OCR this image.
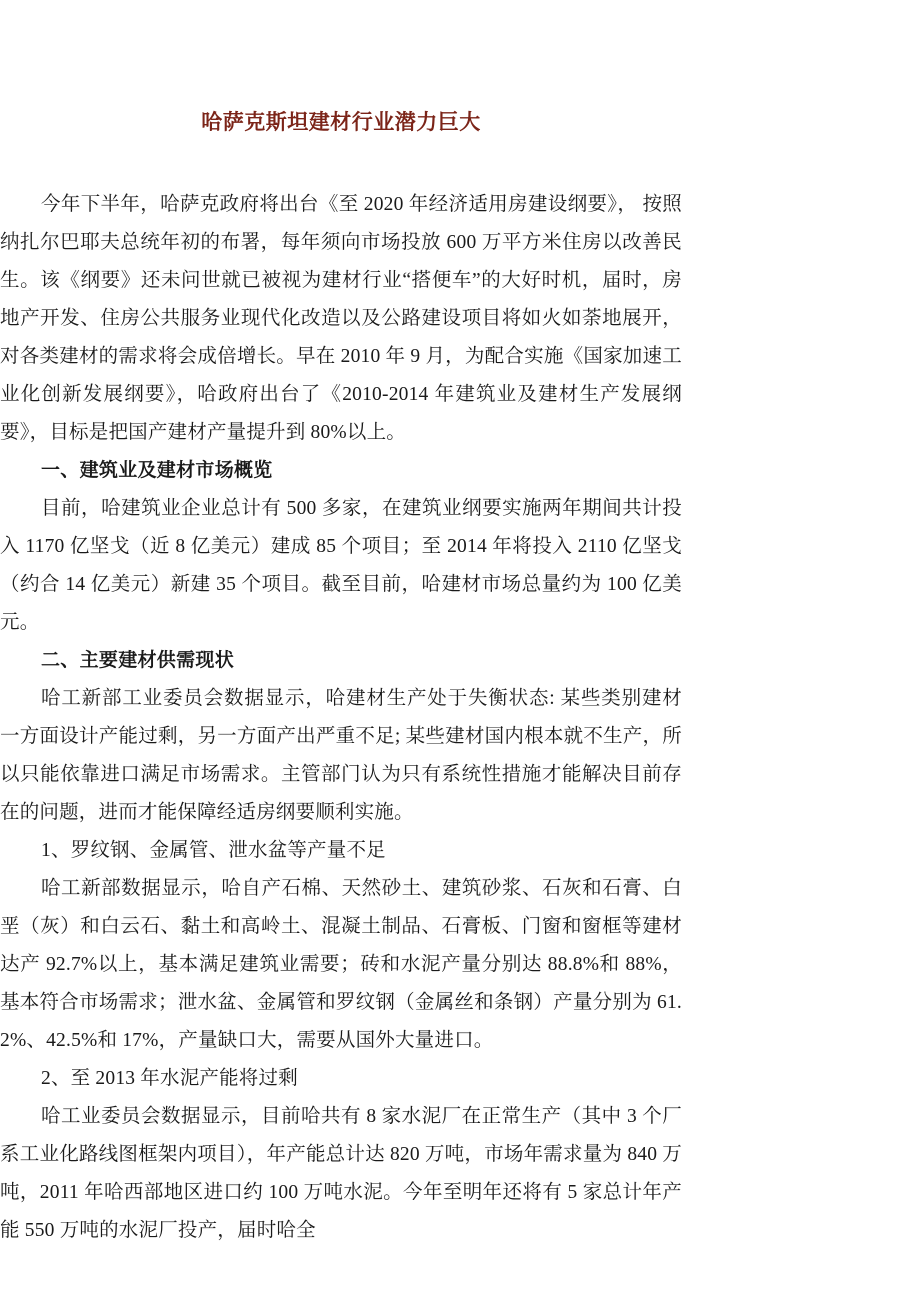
哈萨克斯坦建材行业潜力巨大

今年下半年，哈萨克政府将出台《至 2020 年经济适用房建设纲要》， 按照纳扎尔巴耶夫总统年初的布署，每年须向市场投放 600 万平方米住房以改善民生。该《纲要》还未问世就已被视为建材行业“搭便车”的大好时机，届时，房地产开发、住房公共服务业现代化改造以及公路建设项目将如火如荼地展开，对各类建材的需求将会成倍增长。早在 2010 年 9 月，为配合实施《国家加速工业化创新发展纲要》，哈政府出台了《2010-2014 年建筑业及建材生产发展纲要》，目标是把国产建材产量提升到 80%以上。

一、建筑业及建材市场概览

目前，哈建筑业企业总计有 500 多家，在建筑业纲要实施两年期间共计投入 1170 亿坚戈（近 8 亿美元）建成 85 个项目；至 2014 年将投入 2110 亿坚戈（约合 14 亿美元）新建 35 个项目。截至目前，哈建材市场总量约为 100 亿美元。

二、主要建材供需现状

哈工新部工业委员会数据显示，哈建材生产处于失衡状态: 某些类别建材一方面设计产能过剩，另一方面产出严重不足; 某些建材国内根本就不生产，所以只能依靠进口满足市场需求。主管部门认为只有系统性措施才能解决目前存在的问题，进而才能保障经适房纲要顺利实施。

1、罗纹钢、金属管、泄水盆等产量不足

哈工新部数据显示，哈自产石棉、天然砂土、建筑砂浆、石灰和石膏、白垩（灰）和白云石、黏土和高岭土、混凝土制品、石膏板、门窗和窗框等建材达产 92.7%以上，基本满足建筑业需要；砖和水泥产量分别达 88.8%和 88%，基本符合市场需求；泄水盆、金属管和罗纹钢（金属丝和条钢）产量分别为 61.2%、42.5%和 17%，产量缺口大，需要从国外大量进口。

2、至 2013 年水泥产能将过剩

哈工业委员会数据显示，目前哈共有 8 家水泥厂在正常生产（其中 3 个厂系工业化路线图框架内项目），年产能总计达 820 万吨，市场年需求量为 840 万吨，2011 年哈西部地区进口约 100 万吨水泥。今年至明年还将有 5 家总计年产能 550 万吨的水泥厂投产，届时哈全
